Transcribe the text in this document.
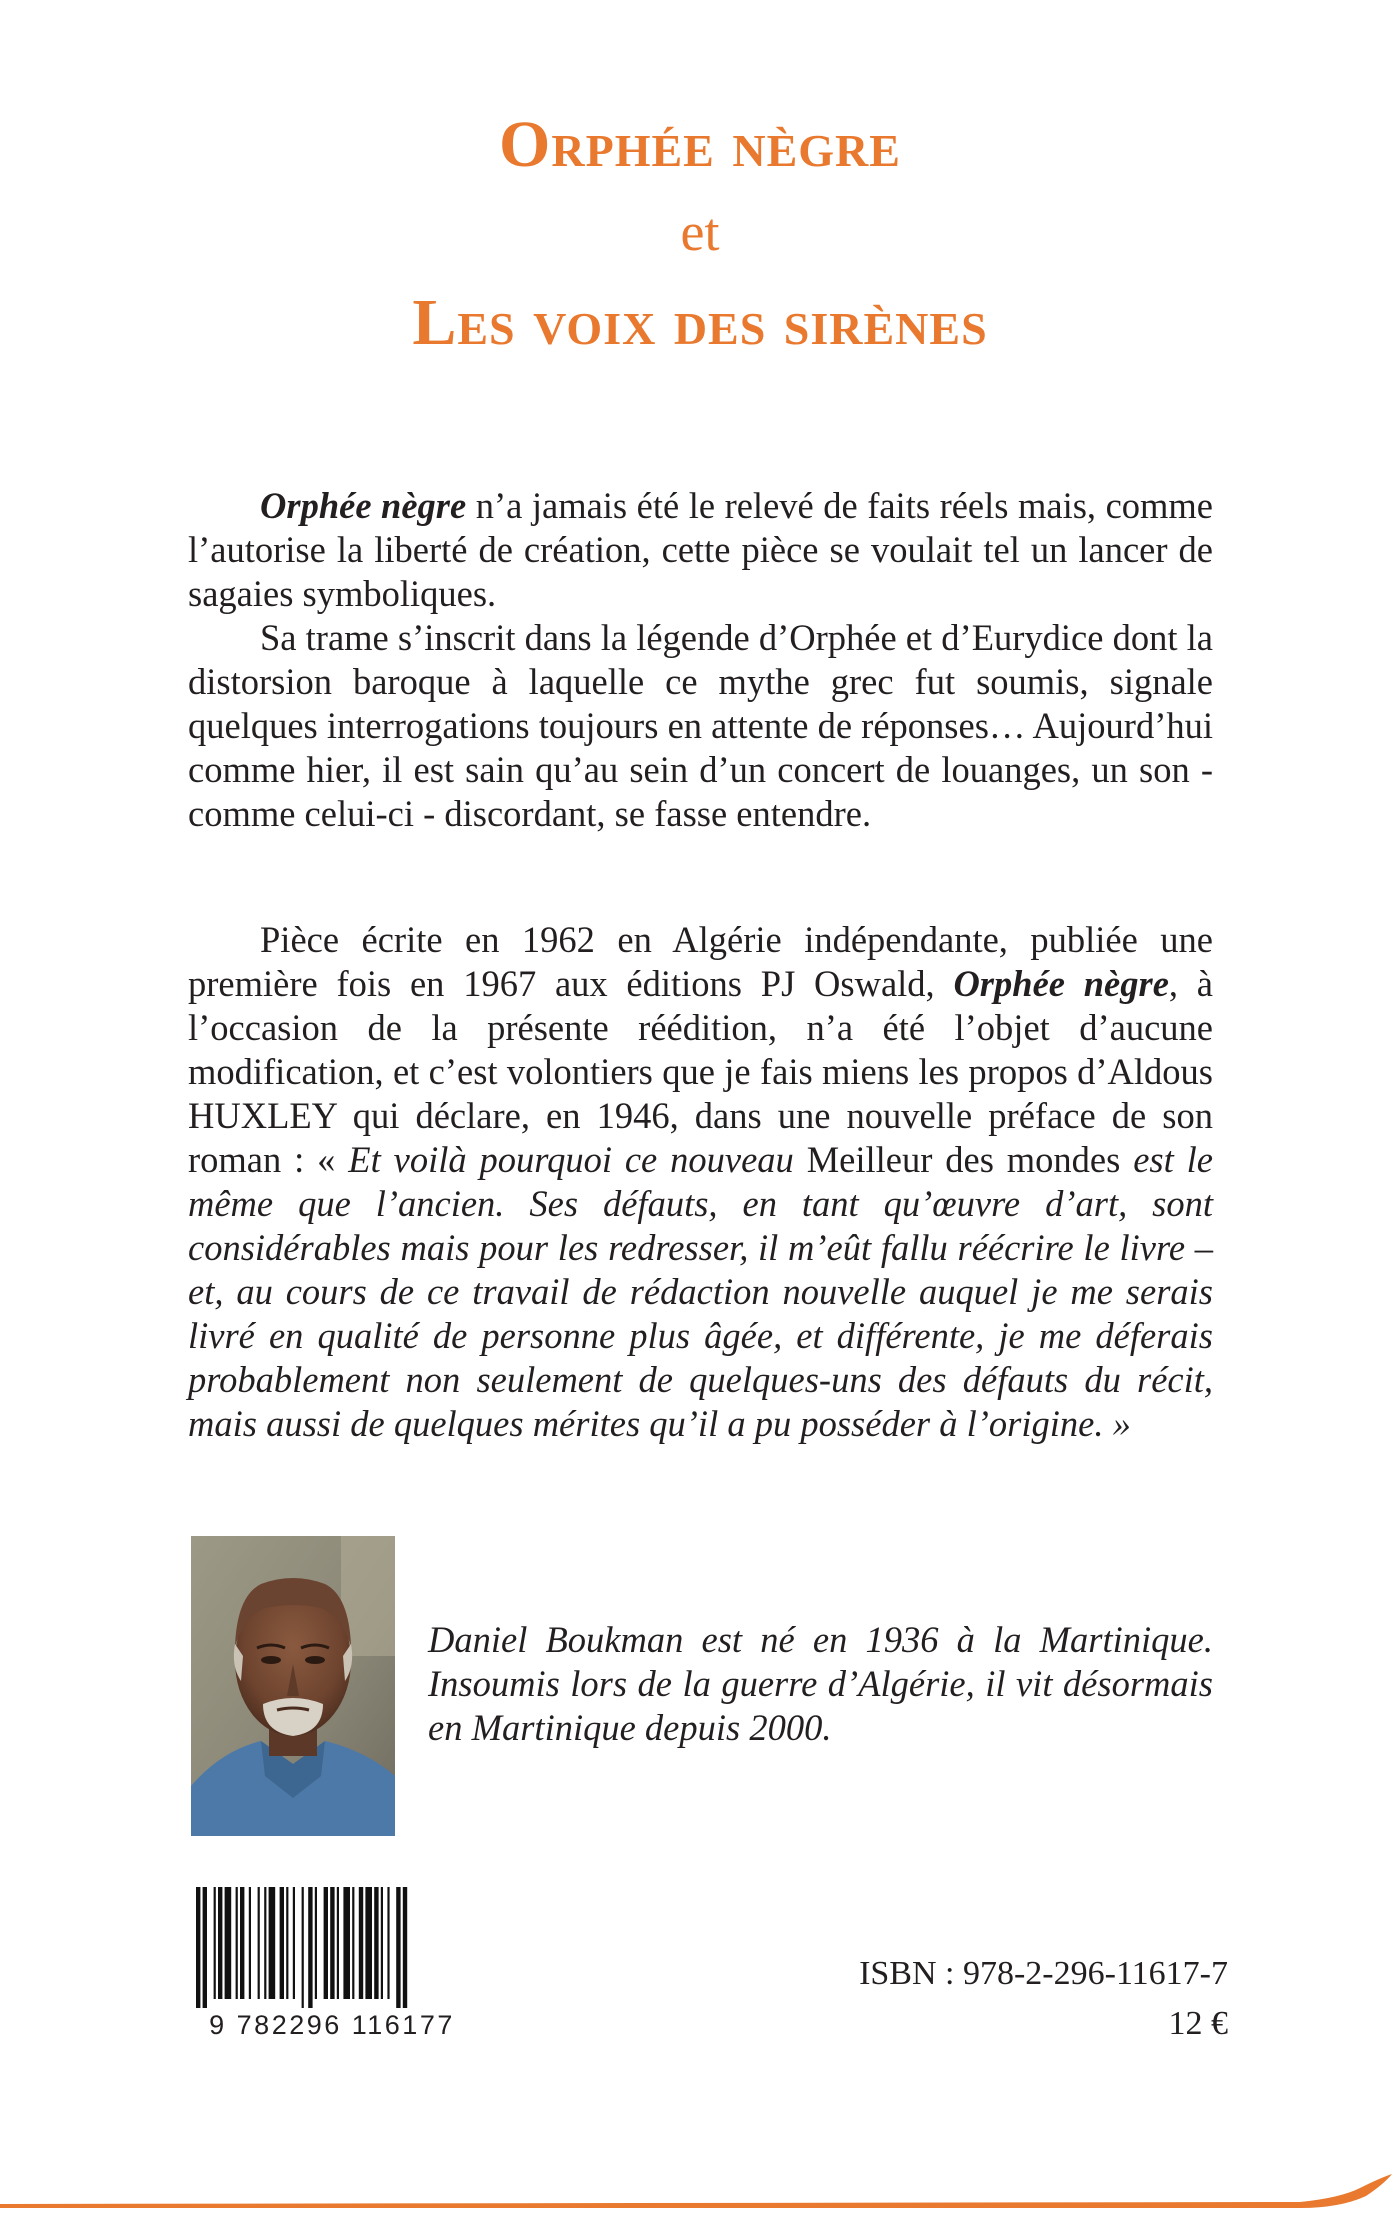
Orphée nègre
et
Les voix des sirènes

Orphée nègre n’a jamais été le relevé de faits réels mais, comme l’autorise la liberté de création, cette pièce se voulait tel un lancer de sagaies symboliques.

Sa trame s’inscrit dans la légende d’Orphée et d’Eurydice dont la distorsion baroque à laquelle ce mythe grec fut soumis, signale quelques interrogations toujours en attente de réponses… Aujourd’hui comme hier, il est sain qu’au sein d’un concert de louanges, un son - comme celui-ci - discordant, se fasse entendre.

Pièce écrite en 1962 en Algérie indépendante, publiée une première fois en 1967 aux éditions PJ Oswald, Orphée nègre, à l’occasion de la présente réédition, n’a été l’objet d’aucune modification, et c’est volontiers que je fais miens les propos d’Aldous HUXLEY qui déclare, en 1946, dans une nouvelle préface de son roman : « Et voilà pourquoi ce nouveau Meilleur des mondes est le même que l’ancien. Ses défauts, en tant qu’œuvre d’art, sont considérables mais pour les redresser, il m’eût fallu réécrire le livre – et, au cours de ce travail de rédaction nouvelle auquel je me serais livré en qualité de personne plus âgée, et différente, je me déferais probablement non seulement de quelques-uns des défauts du récit, mais aussi de quelques mérites qu’il a pu posséder à l’origine. »

Daniel Boukman est né en 1936 à la Martinique. Insoumis lors de la guerre d’Algérie, il vit désormais en Martinique depuis 2000.

9 782296 116177
ISBN : 978-2-296-11617-7
12 €
